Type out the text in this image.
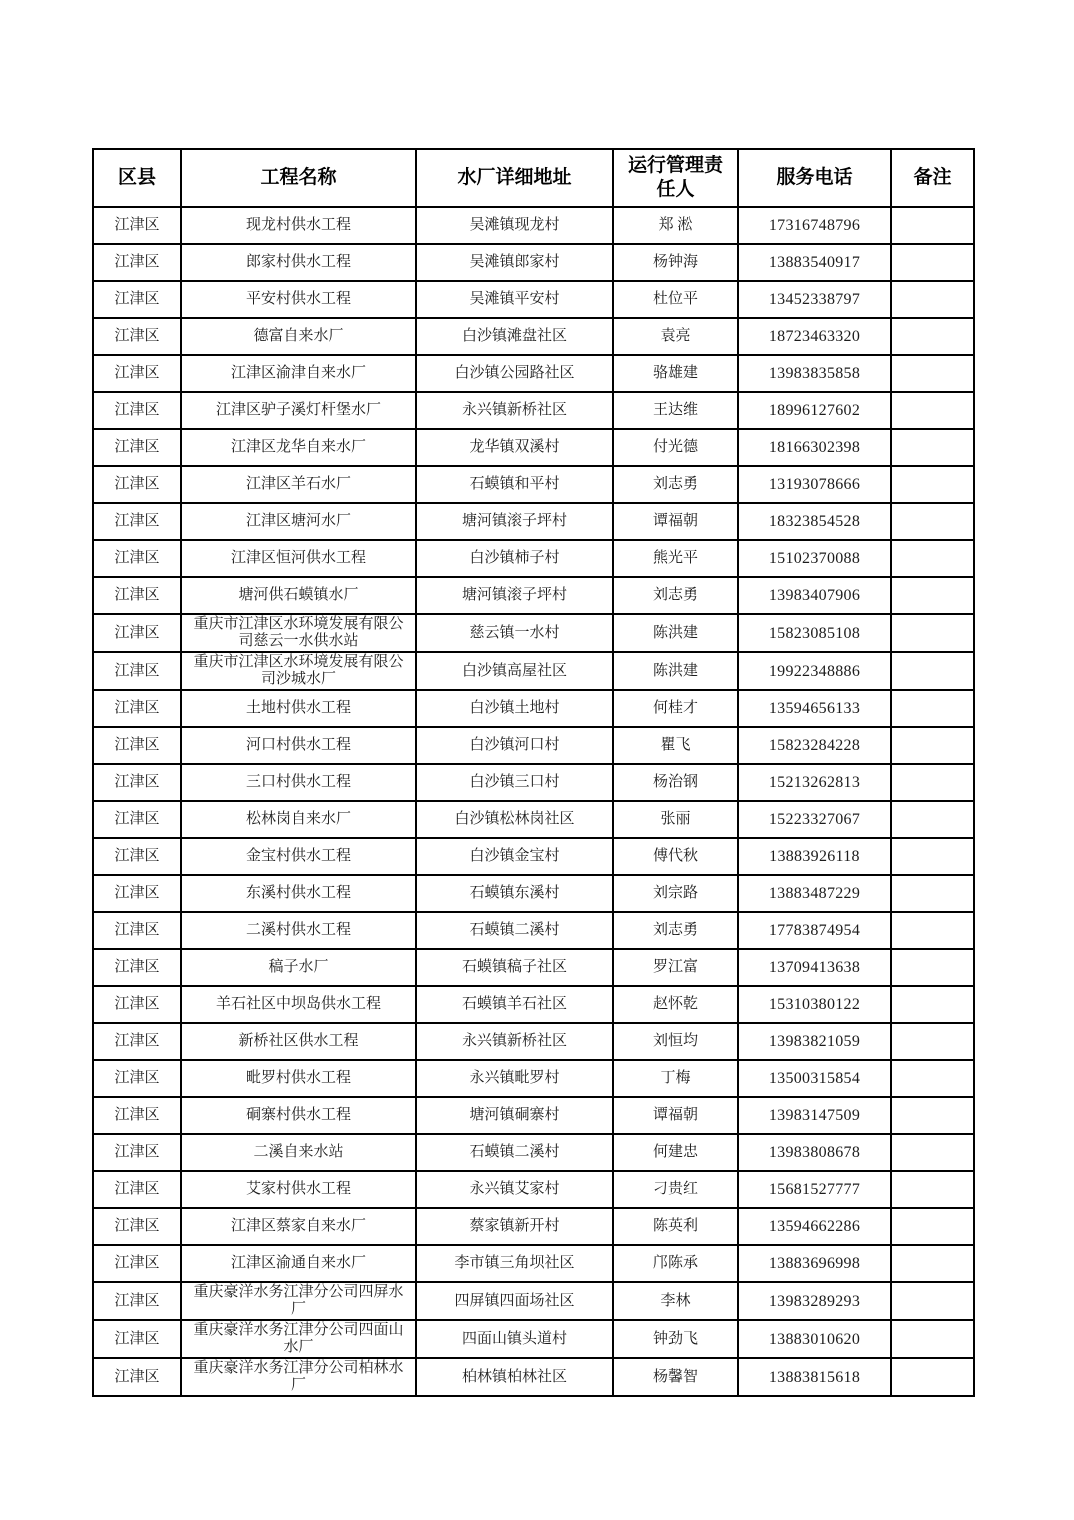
区县	工程名称	水厂详细地址	运行管理责任人	服务电话	备注
江津区	现龙村供水工程	吴滩镇现龙村	郑 淞	17316748796	
江津区	郎家村供水工程	吴滩镇郎家村	杨钟海	13883540917	
江津区	平安村供水工程	吴滩镇平安村	杜位平	13452338797	
江津区	德富自来水厂	白沙镇滩盘社区	袁亮	18723463320	
江津区	江津区渝津自来水厂	白沙镇公园路社区	骆雄建	13983835858	
江津区	江津区驴子溪灯杆堡水厂	永兴镇新桥社区	王达维	18996127602	
江津区	江津区龙华自来水厂	龙华镇双溪村	付光德	18166302398	
江津区	江津区羊石水厂	石蟆镇和平村	刘志勇	13193078666	
江津区	江津区塘河水厂	塘河镇滚子坪村	谭福朝	18323854528	
江津区	江津区恒河供水工程	白沙镇柿子村	熊光平	15102370088	
江津区	塘河供石蟆镇水厂	塘河镇滚子坪村	刘志勇	13983407906	
江津区	重庆市江津区水环境发展有限公司慈云一水供水站	慈云镇一水村	陈洪建	15823085108	
江津区	重庆市江津区水环境发展有限公司沙城水厂	白沙镇高屋社区	陈洪建	19922348886	
江津区	土地村供水工程	白沙镇土地村	何桂才	13594656133	
江津区	河口村供水工程	白沙镇河口村	瞿飞	15823284228	
江津区	三口村供水工程	白沙镇三口村	杨治钢	15213262813	
江津区	松林岗自来水厂	白沙镇松林岗社区	张丽	15223327067	
江津区	金宝村供水工程	白沙镇金宝村	傅代秋	13883926118	
江津区	东溪村供水工程	石蟆镇东溪村	刘宗路	13883487229	
江津区	二溪村供水工程	石蟆镇二溪村	刘志勇	17783874954	
江津区	稿子水厂	石蟆镇稿子社区	罗江富	13709413638	
江津区	羊石社区中坝岛供水工程	石蟆镇羊石社区	赵怀乾	15310380122	
江津区	新桥社区供水工程	永兴镇新桥社区	刘恒均	13983821059	
江津区	毗罗村供水工程	永兴镇毗罗村	丁梅	13500315854	
江津区	硐寨村供水工程	塘河镇硐寨村	谭福朝	13983147509	
江津区	二溪自来水站	石蟆镇二溪村	何建忠	13983808678	
江津区	艾家村供水工程	永兴镇艾家村	刁贵红	15681527777	
江津区	江津区蔡家自来水厂	蔡家镇新开村	陈英利	13594662286	
江津区	江津区渝通自来水厂	李市镇三角坝社区	邝陈承	13883696998	
江津区	重庆豪洋水务江津分公司四屏水厂	四屏镇四面场社区	李林	13983289293	
江津区	重庆豪洋水务江津分公司四面山水厂	四面山镇头道村	钟劲飞	13883010620	
江津区	重庆豪洋水务江津分公司柏林水厂	柏林镇柏林社区	杨馨智	13883815618	
